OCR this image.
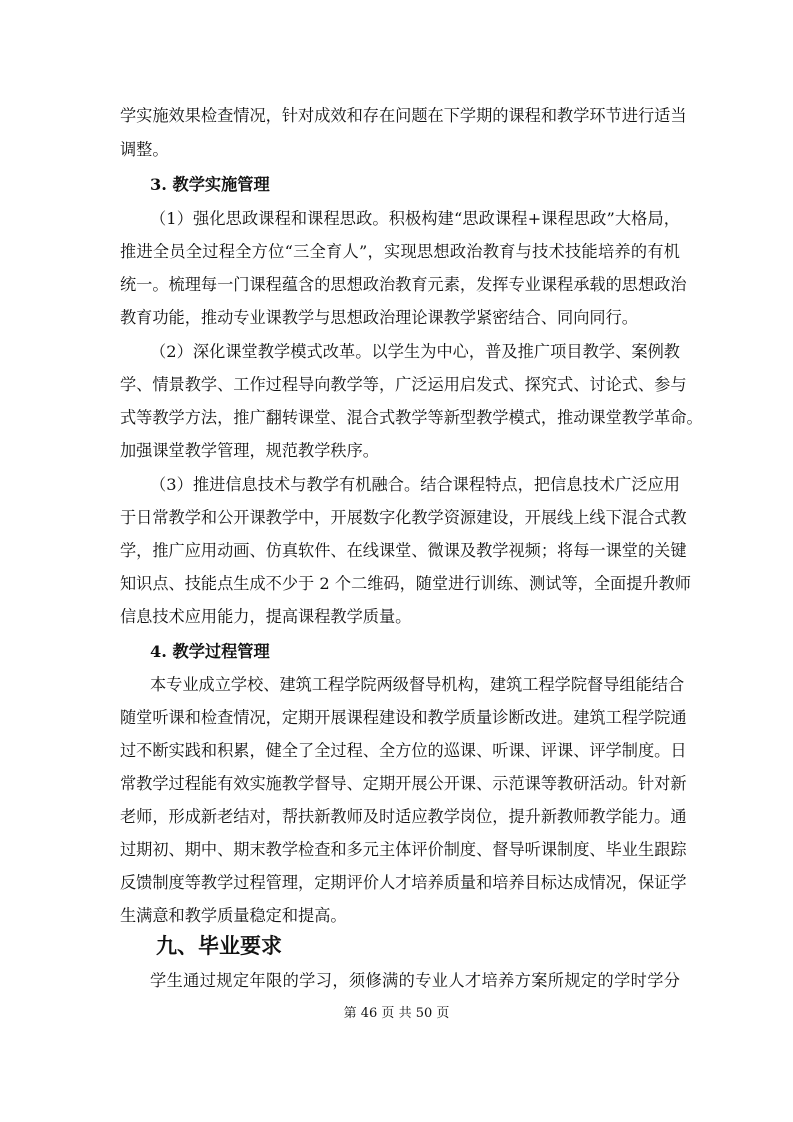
学实施效果检查情况，针对成效和存在问题在下学期的课程和教学环节进行适当
调整。
3. 教学实施管理
（1）强化思政课程和课程思政。积极构建“思政课程+课程思政”大格局，
推进全员全过程全方位“三全育人”，实现思想政治教育与技术技能培养的有机
统一。梳理每一门课程蕴含的思想政治教育元素，发挥专业课程承载的思想政治
教育功能，推动专业课教学与思想政治理论课教学紧密结合、同向同行。
（2）深化课堂教学模式改革。以学生为中心，普及推广项目教学、案例教
学、情景教学、工作过程导向教学等，广泛运用启发式、探究式、讨论式、参与
式等教学方法，推广翻转课堂、混合式教学等新型教学模式，推动课堂教学革命。
加强课堂教学管理，规范教学秩序。
（3）推进信息技术与教学有机融合。结合课程特点，把信息技术广泛应用
于日常教学和公开课教学中，开展数字化教学资源建设，开展线上线下混合式教
学，推广应用动画、仿真软件、在线课堂、微课及教学视频；将每一课堂的关键
知识点、技能点生成不少于 2 个二维码，随堂进行训练、测试等，全面提升教师
信息技术应用能力，提高课程教学质量。
4. 教学过程管理
本专业成立学校、建筑工程学院两级督导机构，建筑工程学院督导组能结合
随堂听课和检查情况，定期开展课程建设和教学质量诊断改进。建筑工程学院通
过不断实践和积累，健全了全过程、全方位的巡课、听课、评课、评学制度。日
常教学过程能有效实施教学督导、定期开展公开课、示范课等教研活动。针对新
老师，形成新老结对，帮扶新教师及时适应教学岗位，提升新教师教学能力。通
过期初、期中、期末教学检查和多元主体评价制度、督导听课制度、毕业生跟踪
反馈制度等教学过程管理，定期评价人才培养质量和培养目标达成情况，保证学
生满意和教学质量稳定和提高。
九、毕业要求
学生通过规定年限的学习，须修满的专业人才培养方案所规定的学时学分
第 46 页 共 50 页
